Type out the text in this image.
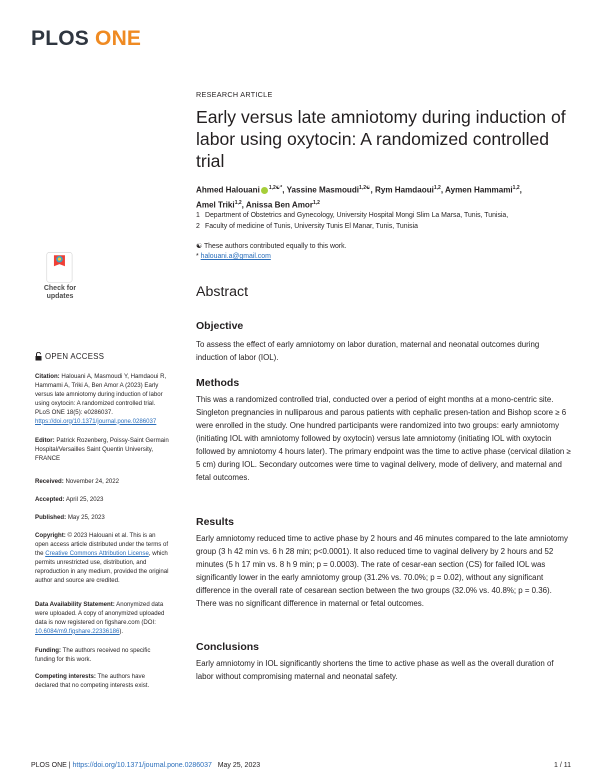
PLOS ONE
RESEARCH ARTICLE
Early versus late amniotomy during induction of labor using oxytocin: A randomized controlled trial
Ahmed Halouani $^{1,2☯*}$, Yassine Masmoudi$^{1,2☯}$, Rym Hamdaoui$^{1,2}$, Aymen Hammami$^{1,2}$,
Amel Triki$^{1,2}$, Anissa Ben Amor$^{1,2}$
1 Department of Obstetrics and Gynecology, University Hospital Mongi Slim La Marsa, Tunis, Tunisia,
2 Faculty of medicine of Tunis, University Tunis El Manar, Tunis, Tunisia
☯ These authors contributed equally to this work.
* halouani.a@gmail.com
Check for
updates
OPEN ACCESS
Citation: Halouani A, Masmoudi Y, Hamdaoui R, Hammami A, Triki A, Ben Amor A (2023) Early versus late amniotomy during induction of labor using oxytocin: A randomized controlled trial. PLoS ONE 18(5): e0286037. https://doi.org/10.1371/journal.pone.0286037
Editor: Patrick Rozenberg, Poissy-Saint Germain Hospital/Versailles Saint Quentin University, FRANCE
Received: November 24, 2022
Accepted: April 25, 2023
Published: May 25, 2023
Copyright: © 2023 Halouani et al. This is an open access article distributed under the terms of the Creative Commons Attribution License, which permits unrestricted use, distribution, and reproduction in any medium, provided the original author and source are credited.
Data Availability Statement: Anonymized data were uploaded. A copy of anonymized uploaded data is now registered on figshare.com (DOI: 10.6084/m9.figshare.22336186).
Funding: The authors received no specific funding for this work.
Competing interests: The authors have declared that no competing interests exist.
Abstract
Objective
To assess the effect of early amniotomy on labor duration, maternal and neonatal outcomes during induction of labor (IOL).
Methods
This was a randomized controlled trial, conducted over a period of eight months at a mono-centric site. Singleton pregnancies in nulliparous and parous patients with cephalic presen-tation and Bishop score ≥ 6 were enrolled in the study. One hundred participants were randomized into two groups: early amniotomy (initiating IOL with amniotomy followed by oxytocin) versus late amniotomy (initiating IOL with oxytocin followed by amniotomy 4 hours later). The primary endpoint was the time to active phase (cervical dilation ≥ 5 cm) during IOL. Secondary outcomes were time to vaginal delivery, mode of delivery, and maternal and fetal outcomes.
Results
Early amniotomy reduced time to active phase by 2 hours and 46 minutes compared to the late amniotomy group (3 h 42 min vs. 6 h 28 min; p<0.0001). It also reduced time to vaginal delivery by 2 hours and 52 minutes (5 h 17 min vs. 8 h 9 min; p = 0.0003). The rate of cesar-ean section (CS) for failed IOL was significantly lower in the early amniotomy group (31.2% vs. 70.0%; p = 0.02), without any significant difference in the overall rate of cesarean section between the two groups (32.0% vs. 40.8%; p = 0.36). There was no significant difference in maternal or fetal outcomes.
Conclusions
Early amniotomy in IOL significantly shortens the time to active phase as well as the overall duration of labor without compromising maternal and neonatal safety.
PLOS ONE | https://doi.org/10.1371/journal.pone.0286037 May 25, 2023	1 / 11
